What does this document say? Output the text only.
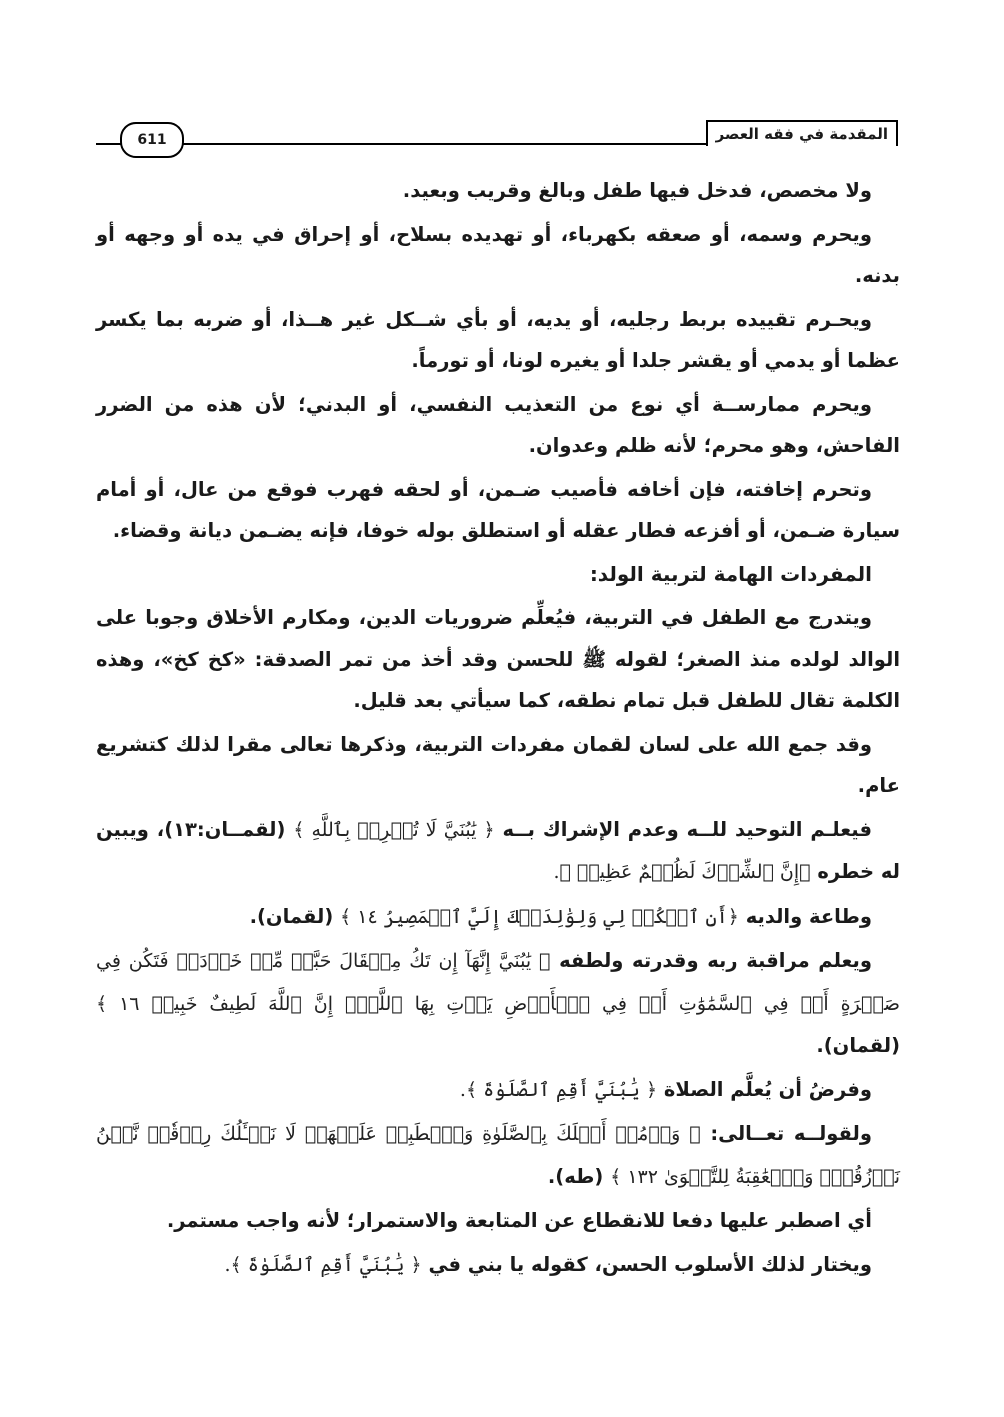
المقدمة في فقه العصر
611

ولا مخصص، فدخل فيها طفل وبالغ وقريب وبعيد.

ويحرم وسمه، أو صعقه بكهرباء، أو تهديده بسلاح، أو إحراق في يده أو وجهه أو بدنه.

ويحـرم تقييده بربط رجليه، أو يديه، أو بأي شــكل غير هــذا، أو ضربه بما يكسر عظما أو يدمي أو يقشر جلدا أو يغيره لونا، أو تورماً.

ويحرم ممارســة أي نوع من التعذيب النفسي، أو البدني؛ لأن هذه من الضرر الفاحش، وهو محرم؛ لأنه ظلم وعدوان.

وتحرم إخافته، فإن أخافه فأصيب ضـمن، أو لحقه فهرب فوقع من عال، أو أمام سيارة ضـمن، أو أفزعه فطار عقله أو استطلق بوله خوفا، فإنه يضـمن ديانة وقضاء.

المفردات الهامة لتربية الولد:

ويتدرج مع الطفل في التربية، فيُعلِّم ضروريات الدين، ومكارم الأخلاق وجوبا على الوالد لولده منذ الصغر؛ لقوله ﷺ للحسن وقد أخذ من تمر الصدقة: «كخ كخ»، وهذه الكلمة تقال للطفل قبل تمام نطقه، كما سيأتي بعد قليل.

وقد جمع الله على لسان لقمان مفردات التربية، وذكرها تعالى مقرا لذلك كتشريع عام.

فيعلـم التوحيد للــه وعدم الإشراك بــه ﴿ يَٰبُنَيَّ لَا تُشۡرِكۡ بِٱللَّهِ ﴾ (لقمــان:١٣)، ويبين له خطره ﴿إِنَّ ٱلشِّرۡكَ لَظُلۡمٌ عَظِيمٞ ﴾.

وطاعة والديه ﴿أَنِ ٱشۡكُرۡ لِي وَلِوَٰلِدَيۡكَ إِلَيَّ ٱلۡمَصِيرُ ١٤ ﴾ (لقمان).

ويعلم مراقبة ربه وقدرته ولطفه ﴿ يَٰبُنَيَّ إِنَّهَآ إِن تَكُ مِثۡقَالَ حَبَّةٖ مِّنۡ خَرۡدَلٖ فَتَكُن فِي صَخۡرَةٍ أَوۡ فِي ٱلسَّمَٰوَٰتِ أَوۡ فِي ٱلۡأَرۡضِ يَأۡتِ بِهَا ٱللَّهُۚ إِنَّ ٱللَّهَ لَطِيفٌ خَبِيرٞ ١٦ ﴾ (لقمان).

وفرضُ أن يُعلَّم الصلاة ﴿ يَٰبُنَيَّ أَقِمِ ٱلصَّلَوٰةَ ﴾.

ولقولــه تعــالى: ﴿ وَأۡمُرۡ أَهۡلَكَ بِٱلصَّلَوٰةِ وَٱصۡطَبِرۡ عَلَيۡهَاۖ لَا نَسۡـَٔلُكَ رِزۡقٗاۖ نَّحۡنُ نَرۡزُقُكَۗ وَٱلۡعَٰقِبَةُ لِلتَّقۡوَىٰ ١٣٢ ﴾ (طه).

أي اصطبر عليها دفعا للانقطاع عن المتابعة والاستمرار؛ لأنه واجب مستمر.

ويختار لذلك الأسلوب الحسن، كقوله يا بني في ﴿ يَٰبُنَيَّ أَقِمِ ٱلصَّلَوٰةَ ﴾.
